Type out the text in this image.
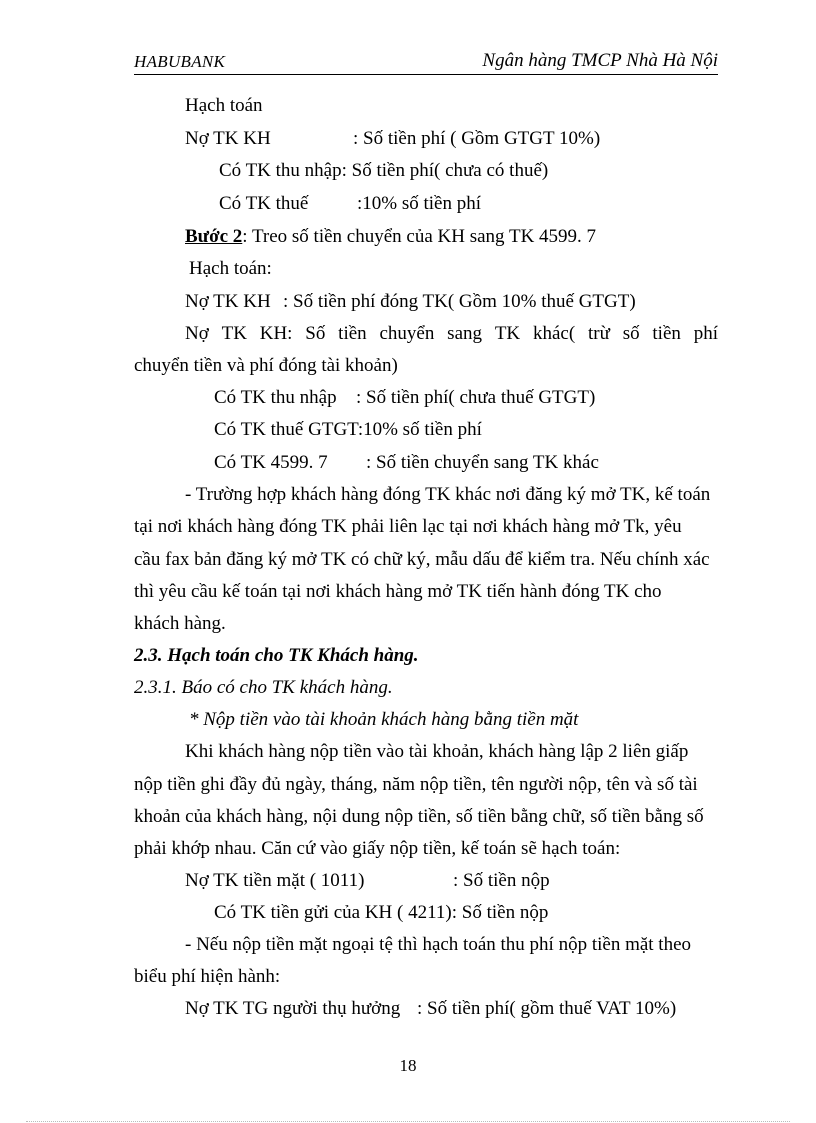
HABUBANK	Ngân hàng TMCP Nhà Hà Nội
Hạch toán
Nợ TK KH	: Số tiền phí ( Gồm GTGT 10%)
Có TK thu nhập: Số tiền phí( chưa có thuế)
Có TK thuế	:10% số tiền phí
Bước 2: Treo số tiền chuyển của KH sang TK 4599. 7
Hạch toán:
Nợ TK KH : Số tiền phí đóng TK( Gồm 10% thuế GTGT)
Nợ TK KH: Số tiền chuyển sang TK khác( trừ số tiền phí
chuyển tiền và phí đóng tài khoản)
Có TK thu nhập : Số tiền phí( chưa thuế GTGT)
Có TK thuế GTGT:10% số tiền phí
Có TK 4599. 7 : Số tiền chuyển sang TK khác
- Trường hợp khách hàng đóng TK khác nơi đăng ký mở TK, kế toán
tại nơi khách hàng đóng TK phải liên lạc tại nơi khách hàng mở Tk, yêu
cầu fax bản đăng ký mở TK có chữ ký, mẫu dấu để kiểm tra. Nếu chính xác
thì yêu cầu kế toán tại nơi khách hàng mở TK tiến hành đóng TK cho
khách hàng.
2.3. Hạch toán cho TK Khách hàng.
2.3.1. Báo có cho TK khách hàng.
* Nộp tiền vào tài khoản khách hàng bằng tiền mặt
Khi khách hàng nộp tiền vào tài khoản, khách hàng lập 2 liên giấp
nộp tiền ghi đầy đủ ngày, tháng, năm nộp tiền, tên người nộp, tên và số tài
khoản của khách hàng, nội dung nộp tiền, số tiền bằng chữ, số tiền bằng số
phải khớp nhau. Căn cứ vào giấy nộp tiền, kế toán sẽ hạch toán:
Nợ TK tiền mặt ( 1011)	: Số tiền nộp
Có TK tiền gửi của KH ( 4211): Số tiền nộp
- Nếu nộp tiền mặt ngoại tệ thì hạch toán thu phí nộp tiền mặt theo
biểu phí hiện hành:
Nợ TK TG người thụ hưởng : Số tiền phí( gồm thuế VAT 10%)
18
